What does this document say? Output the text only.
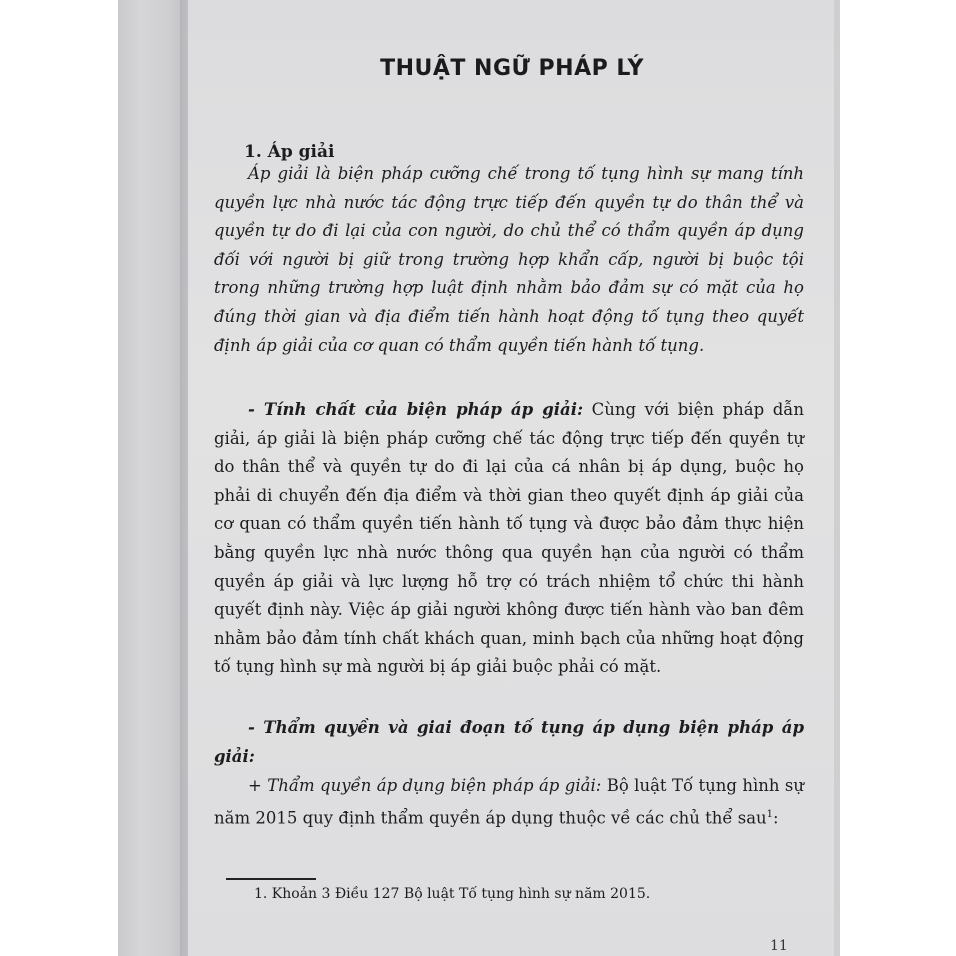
THUẬT NGỮ PHÁP LÝ
1. Áp giải

Áp giải là biện pháp cưỡng chế trong tố tụng hình sự mang tính quyền lực nhà nước tác động trực tiếp đến quyền tự do thân thể và quyền tự do đi lại của con người, do chủ thể có thẩm quyền áp dụng đối với người bị giữ trong trường hợp khẩn cấp, người bị buộc tội trong những trường hợp luật định nhằm bảo đảm sự có mặt của họ đúng thời gian và địa điểm tiến hành hoạt động tố tụng theo quyết định áp giải của cơ quan có thẩm quyền tiến hành tố tụng.

- Tính chất của biện pháp áp giải: Cùng với biện pháp dẫn giải, áp giải là biện pháp cưỡng chế tác động trực tiếp đến quyền tự do thân thể và quyền tự do đi lại của cá nhân bị áp dụng, buộc họ phải di chuyển đến địa điểm và thời gian theo quyết định áp giải của cơ quan có thẩm quyền tiến hành tố tụng và được bảo đảm thực hiện bằng quyền lực nhà nước thông qua quyền hạn của người có thẩm quyền áp giải và lực lượng hỗ trợ có trách nhiệm tổ chức thi hành quyết định này. Việc áp giải người không được tiến hành vào ban đêm nhằm bảo đảm tính chất khách quan, minh bạch của những hoạt động tố tụng hình sự mà người bị áp giải buộc phải có mặt.

- Thẩm quyền và giai đoạn tố tụng áp dụng biện pháp áp giải:

+ Thẩm quyền áp dụng biện pháp áp giải: Bộ luật Tố tụng hình sự năm 2015 quy định thẩm quyền áp dụng thuộc về các chủ thể sau$^1$:

1. Khoản 3 Điều 127 Bộ luật Tố tụng hình sự năm 2015.
11
